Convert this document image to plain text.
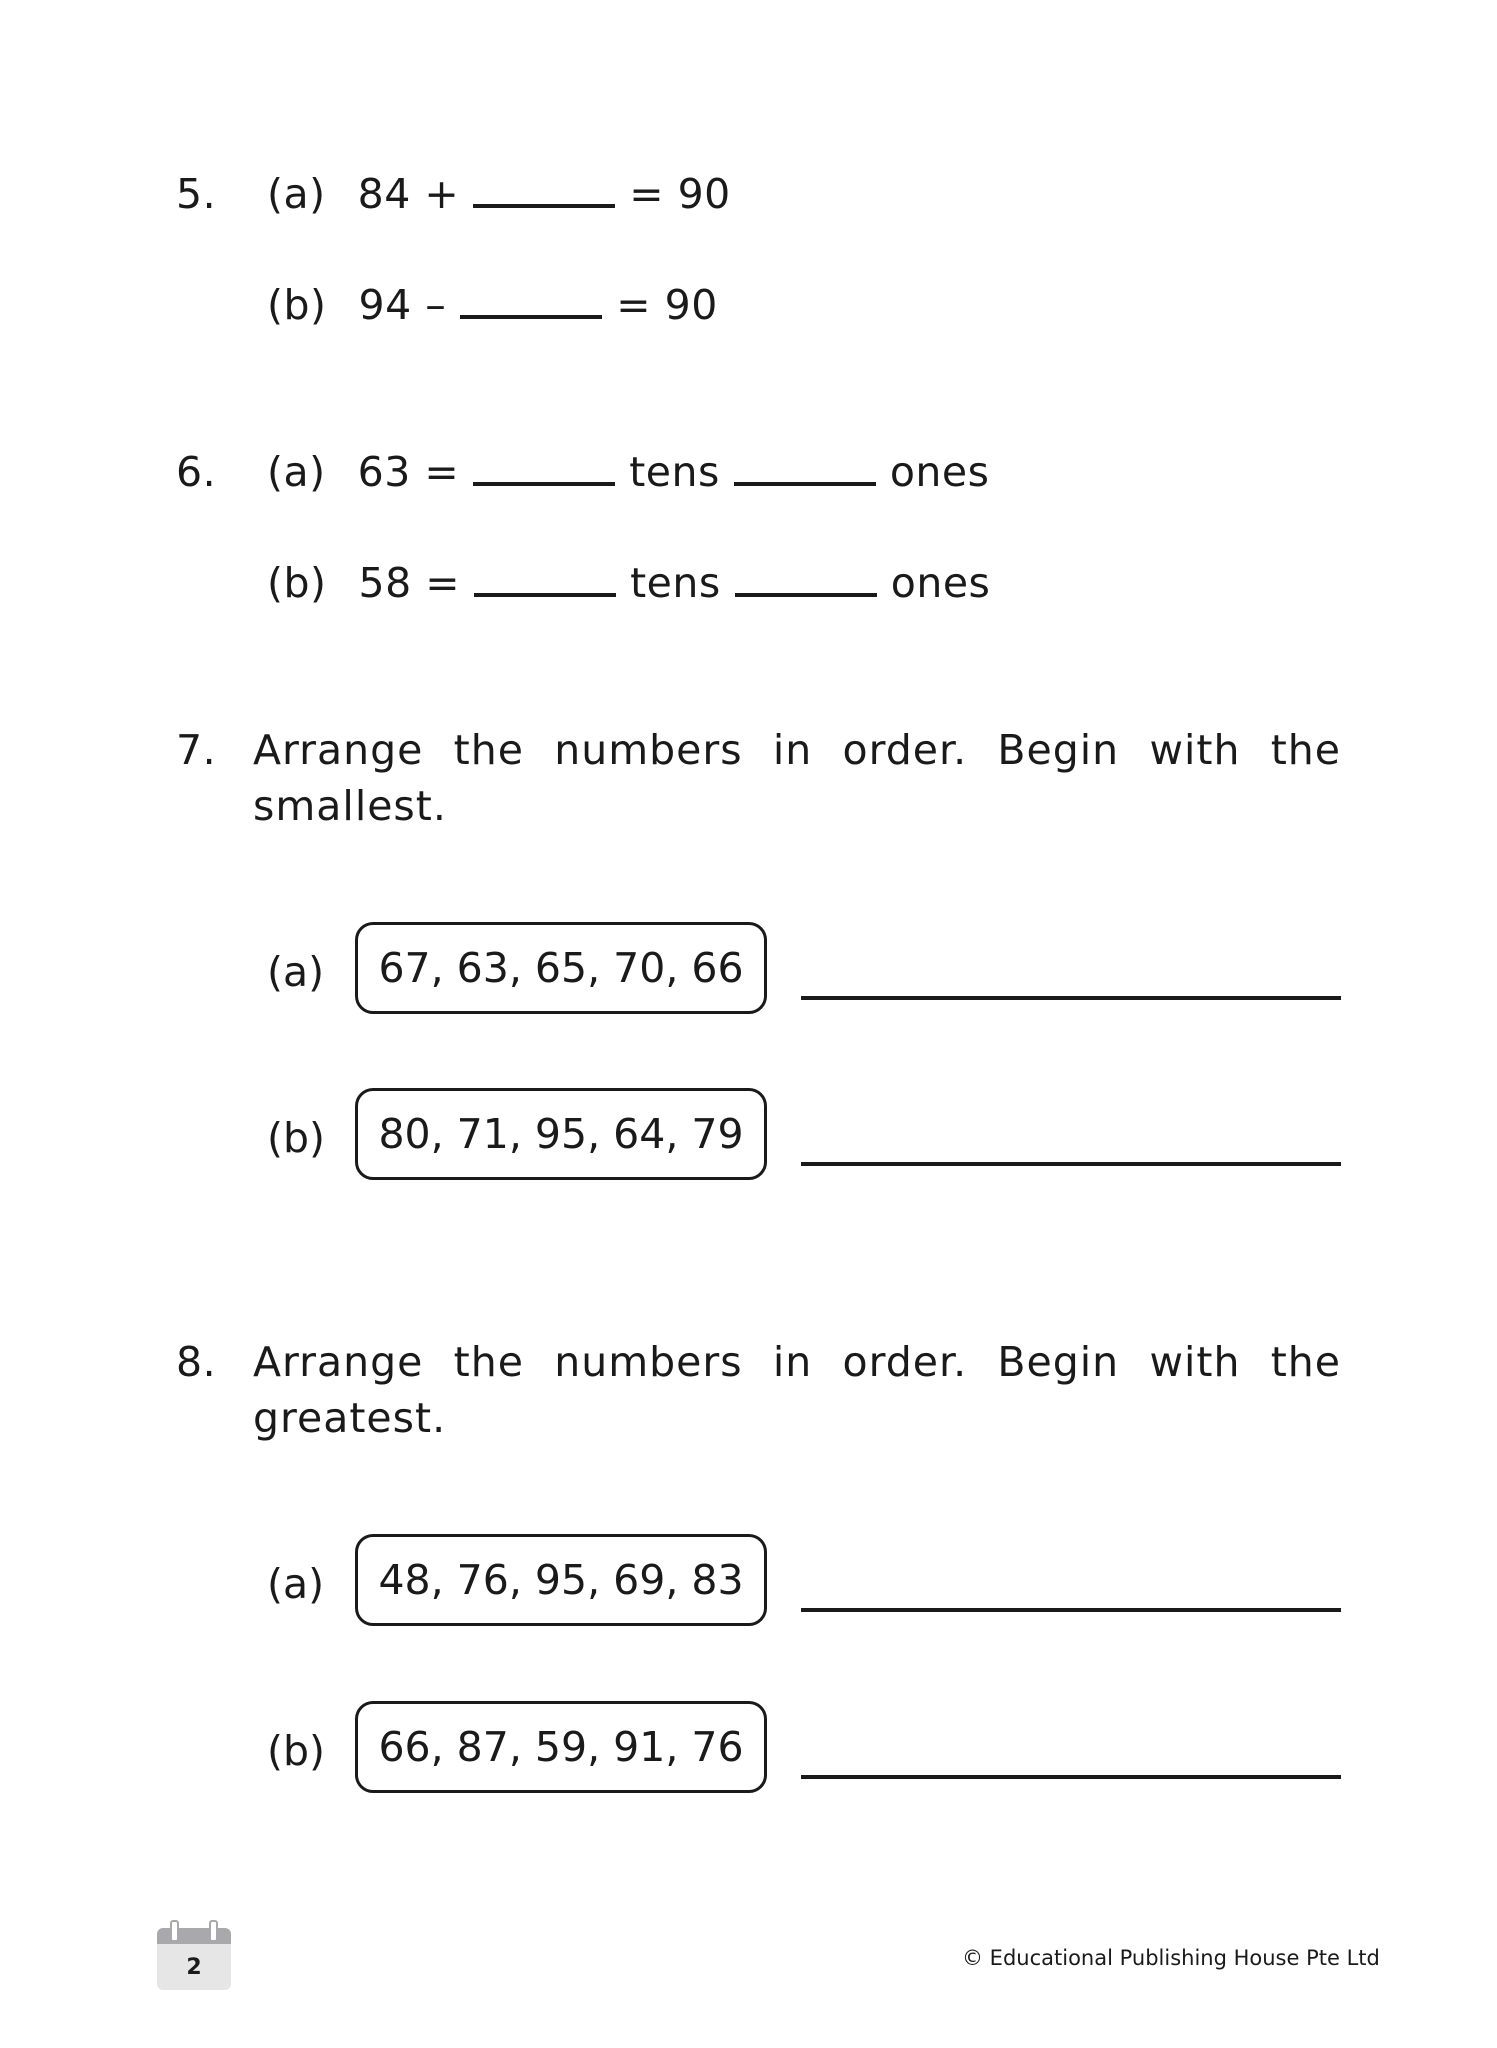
5. (a) 84 +	= 90
(b) 94 –	= 90
6. (a) 63 =	tens	ones
(b) 58 =	tens	ones
7. Arrange the numbers in order. Begin with the
smallest.
(a)	67, 63, 65, 70, 66
(b)	80, 71, 95, 64, 79
8. Arrange the numbers in order. Begin with the
greatest.
(a)	48, 76, 95, 69, 83
(b)	66, 87, 59, 91, 76
2	© Educational Publishing House Pte Ltd
